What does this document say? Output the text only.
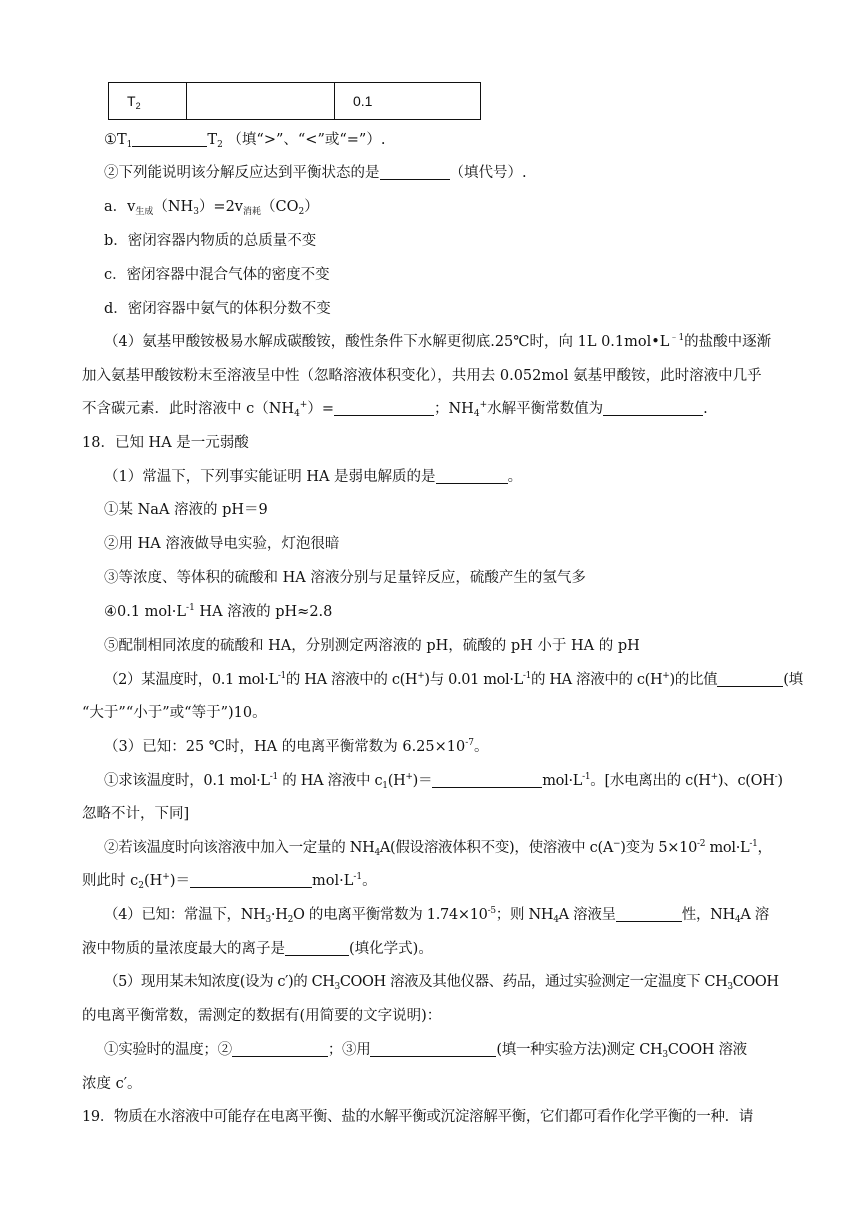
$T_2$		0.1
$①T_1$	$T_2$ （填“>”、“<”或“=”）.
②下列能说明该分解反应达到平衡状态的是	（填代号）.
a．$v_{生成}(NH_3)=2v_{消耗}(CO_2)$
b．密闭容器内物质的总质量不变
c．密闭容器中混合气体的密度不变
d．密闭容器中氨气的体积分数不变
（4）氨基甲酸铵极易水解成碳酸铵，酸性条件下水解更彻底.25℃时，向 1L $0.1mol•L^{﹣1}$的盐酸中逐渐
加入氨基甲酸铵粉末至溶液呈中性（忽略溶液体积变化），共用去 0.052mol 氨基甲酸铵，此时溶液中几乎
不含碳元素．此时溶液中 $c(NH_4^+)=$	；$NH_4^+$水解平衡常数值为	.
18．已知 HA 是一元弱酸
（1）常温下，下列事实能证明 HA 是弱电解质的是	。
①某 NaA 溶液的 pH＝9
②用 HA 溶液做导电实验，灯泡很暗
③等浓度、等体积的硫酸和 HA 溶液分别与足量锌反应，硫酸产生的氢气多
④0.1 $mol\cdot L^{-1}$ HA 溶液的 pH≈2.8
⑤配制相同浓度的硫酸和 HA，分别测定两溶液的 pH，硫酸的 pH 小于 HA 的 pH
（2）某温度时，0.1 $mol\cdot L^{-1}$的 HA 溶液中的 c(H+)与 0.01 $mol\cdot L^{-1}$的 HA 溶液中的 c(H+)的比值	(填
“大于”“小于”或“等于”)10。
（3）已知：25 ℃时，HA 的电离平衡常数为 $6.25\times 10^{-7}$。
①求该温度时，0.1 $mol\cdot L^{-1}$ 的 HA 溶液中 $c_1(H^+)=$	$mol\cdot L^{-1}$。[水电离出的 c(H+)、c(OH-)
忽略不计，下同]
②若该温度时向该溶液中加入一定量的 $NH_4A$(假设溶液体积不变)，使溶液中 c(A−)变为 $5\times 10^{-2}$ $mol\cdot L^{-1}$，
则此时 $c_2(H^+)=$	$mol\cdot L^{-1}$。
（4）已知：常温下，$NH_3\cdot H_2O$ 的电离平衡常数为 $1.74\times 10^{-5}$；则 $NH_4A$ 溶液呈	性，$NH_4A$ 溶
液中物质的量浓度最大的离子是	(填化学式)。
（5）现用某未知浓度(设为 c′)的 $CH_3COOH$ 溶液及其他仪器、药品，通过实验测定一定温度下 $CH_3COOH$
的电离平衡常数，需测定的数据有(用简要的文字说明)：
①实验时的温度；②	；③用	(填一种实验方法)测定 $CH_3COOH$ 溶液
浓度 c′。
19．物质在水溶液中可能存在电离平衡、盐的水解平衡或沉淀溶解平衡，它们都可看作化学平衡的一种．请
